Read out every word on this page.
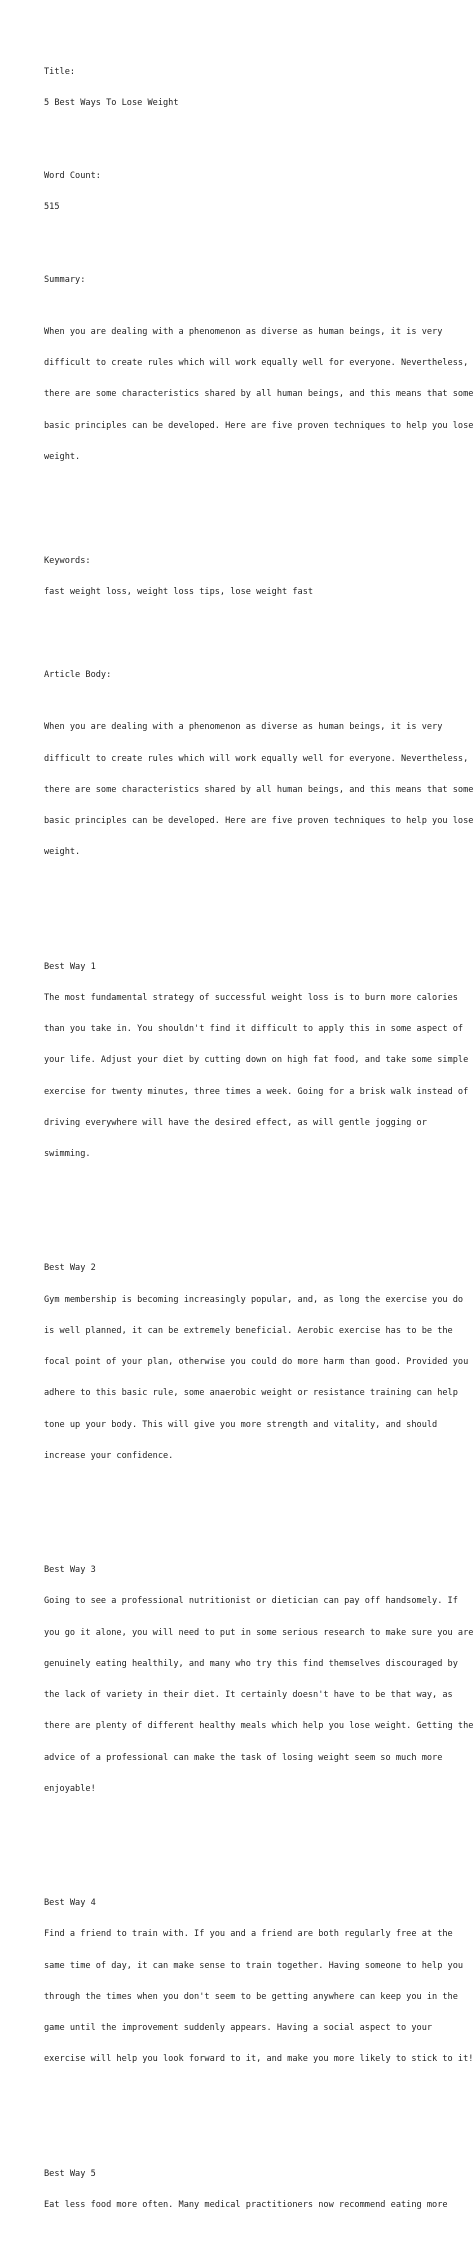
Title:

5 Best Ways To Lose Weight

Word Count:

515

Summary:

When you are dealing with a phenomenon as diverse as human beings, it is very

difficult to create rules which will work equally well for everyone. Nevertheless,

there are some characteristics shared by all human beings, and this means that some

basic principles can be developed. Here are five proven techniques to help you lose

weight.

Keywords:

fast weight loss, weight loss tips, lose weight fast

Article Body:

When you are dealing with a phenomenon as diverse as human beings, it is very

difficult to create rules which will work equally well for everyone. Nevertheless,

there are some characteristics shared by all human beings, and this means that some

basic principles can be developed. Here are five proven techniques to help you lose

weight.

Best Way 1

The most fundamental strategy of successful weight loss is to burn more calories

than you take in. You shouldn't find it difficult to apply this in some aspect of

your life. Adjust your diet by cutting down on high fat food, and take some simple

exercise for twenty minutes, three times a week. Going for a brisk walk instead of

driving everywhere will have the desired effect, as will gentle jogging or

swimming.

Best Way 2

Gym membership is becoming increasingly popular, and, as long the exercise you do

is well planned, it can be extremely beneficial. Aerobic exercise has to be the

focal point of your plan, otherwise you could do more harm than good. Provided you

adhere to this basic rule, some anaerobic weight or resistance training can help

tone up your body. This will give you more strength and vitality, and should

increase your confidence.

Best Way 3

Going to see a professional nutritionist or dietician can pay off handsomely. If

you go it alone, you will need to put in some serious research to make sure you are

genuinely eating healthily, and many who try this find themselves discouraged by

the lack of variety in their diet. It certainly doesn't have to be that way, as

there are plenty of different healthy meals which help you lose weight. Getting the

advice of a professional can make the task of losing weight seem so much more

enjoyable!

Best Way 4

Find a friend to train with. If you and a friend are both regularly free at the

same time of day, it can make sense to train together. Having someone to help you

through the times when you don't seem to be getting anywhere can keep you in the

game until the improvement suddenly appears. Having a social aspect to your

exercise will help you look forward to it, and make you more likely to stick to it!

Best Way 5

Eat less food more often. Many medical practitioners now recommend eating more
